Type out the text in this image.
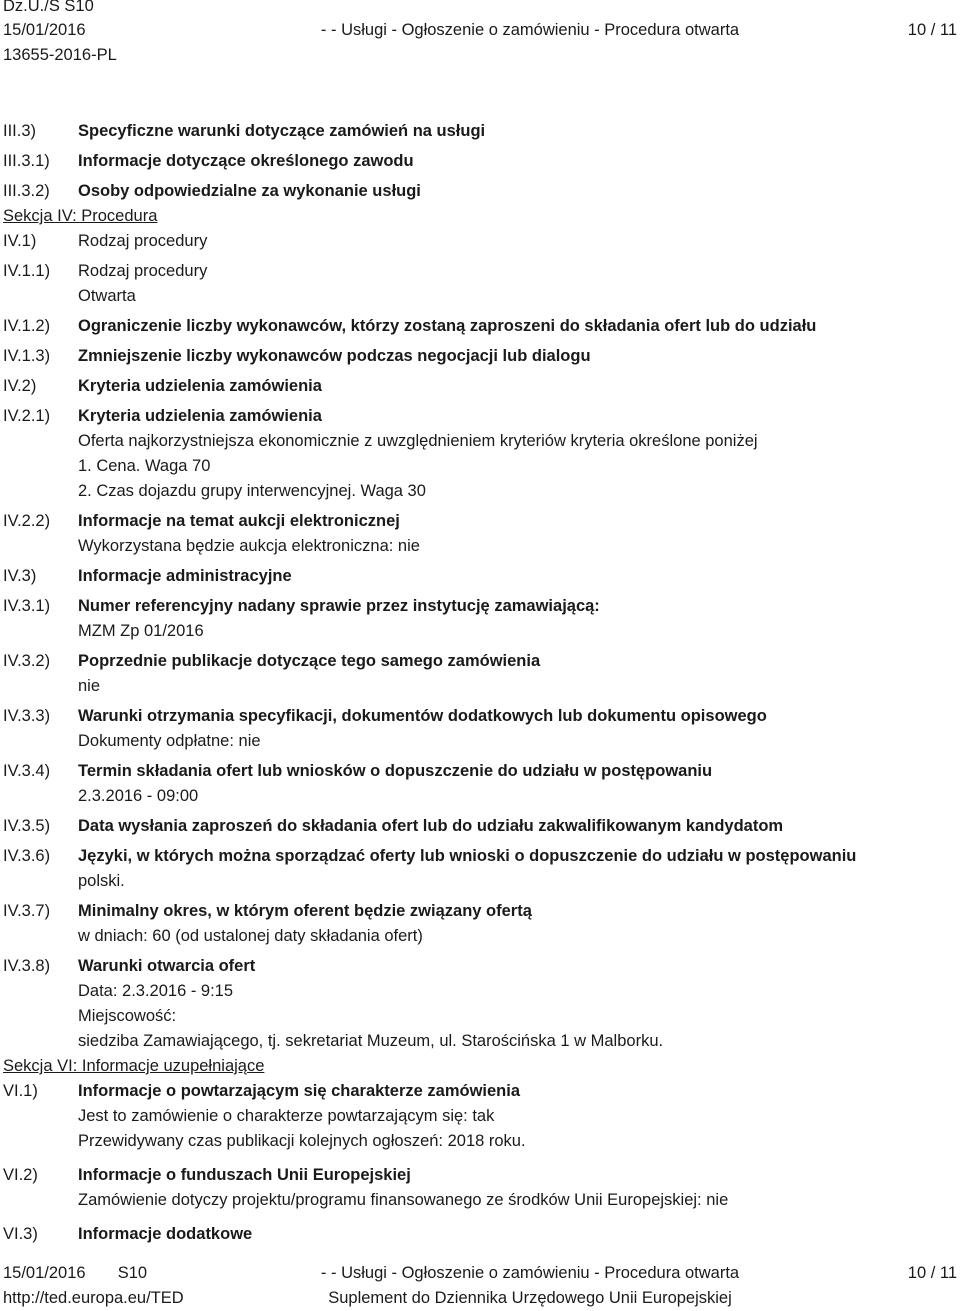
Dz.U./S S10
15/01/2016	- - Usługi - Ogłoszenie o zamówieniu - Procedura otwarta	10 / 11
13655-2016-PL
III.3)	Specyficzne warunki dotyczące zamówień na usługi
III.3.1)	Informacje dotyczące określonego zawodu
III.3.2)	Osoby odpowiedzialne za wykonanie usługi
Sekcja IV: Procedura
IV.1)	Rodzaj procedury
IV.1.1)	Rodzaj procedury
Otwarta
IV.1.2)	Ograniczenie liczby wykonawców, którzy zostaną zaproszeni do składania ofert lub do udziału
IV.1.3)	Zmniejszenie liczby wykonawców podczas negocjacji lub dialogu
IV.2)	Kryteria udzielenia zamówienia
IV.2.1)	Kryteria udzielenia zamówienia
Oferta najkorzystniejsza ekonomicznie z uwzględnieniem kryteriów kryteria określone poniżej
1. Cena. Waga 70
2. Czas dojazdu grupy interwencyjnej. Waga 30
IV.2.2)	Informacje na temat aukcji elektronicznej
Wykorzystana będzie aukcja elektroniczna: nie
IV.3)	Informacje administracyjne
IV.3.1)	Numer referencyjny nadany sprawie przez instytucję zamawiającą:
MZM Zp 01/2016
IV.3.2)	Poprzednie publikacje dotyczące tego samego zamówienia
nie
IV.3.3)	Warunki otrzymania specyfikacji, dokumentów dodatkowych lub dokumentu opisowego
Dokumenty odpłatne: nie
IV.3.4)	Termin składania ofert lub wniosków o dopuszczenie do udziału w postępowaniu
2.3.2016 - 09:00
IV.3.5)	Data wysłania zaproszeń do składania ofert lub do udziału zakwalifikowanym kandydatom
IV.3.6)	Języki, w których można sporządzać oferty lub wnioski o dopuszczenie do udziału w postępowaniu
polski.
IV.3.7)	Minimalny okres, w którym oferent będzie związany ofertą
w dniach: 60 (od ustalonej daty składania ofert)
IV.3.8)	Warunki otwarcia ofert
Data: 2.3.2016 - 9:15
Miejscowość:
siedziba Zamawiającego, tj. sekretariat Muzeum, ul. Starościńska 1 w Malborku.
Sekcja VI: Informacje uzupełniające
VI.1)	Informacje o powtarzającym się charakterze zamówienia
Jest to zamówienie o charakterze powtarzającym się: tak
Przewidywany czas publikacji kolejnych ogłoszeń: 2018 roku.
VI.2)	Informacje o funduszach Unii Europejskiej
Zamówienie dotyczy projektu/programu finansowanego ze środków Unii Europejskiej: nie
VI.3)	Informacje dodatkowe
15/01/2016 S10	- - Usługi - Ogłoszenie o zamówieniu - Procedura otwarta	10 / 11
http://ted.europa.eu/TED	Suplement do Dziennika Urzędowego Unii Europejskiej
